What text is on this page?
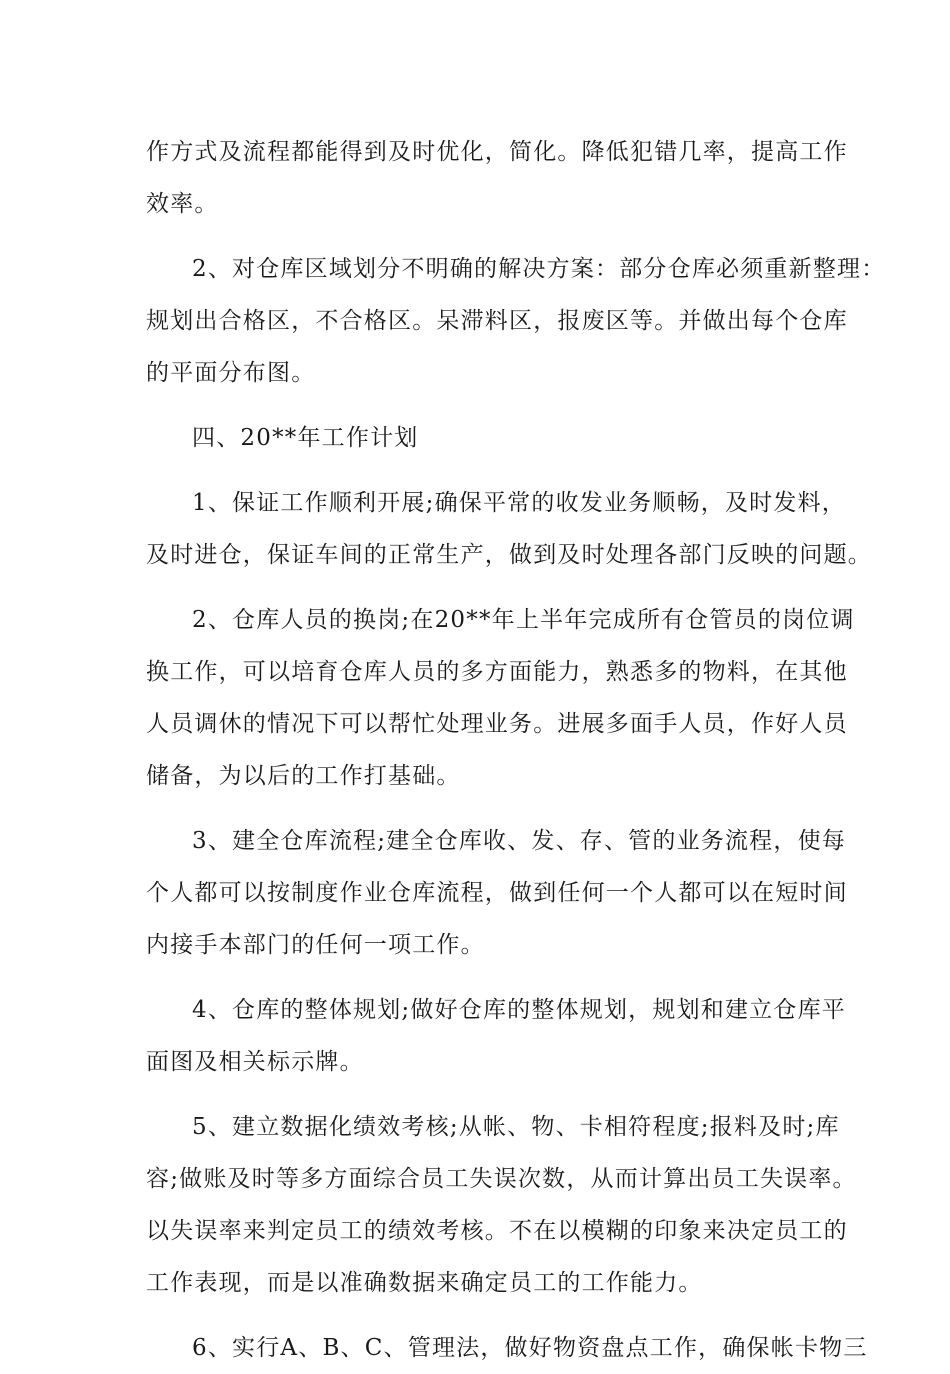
作方式及流程都能得到及时优化，简化。降低犯错几率，提高工作
效率。
2、对仓库区域划分不明确的解决方案：部分仓库必须重新整理：
规划出合格区，不合格区。呆滞料区，报废区等。并做出每个仓库
的平面分布图。
四、20**年工作计划
1、保证工作顺利开展;确保平常的收发业务顺畅，及时发料，
及时进仓，保证车间的正常生产，做到及时处理各部门反映的问题。
2、仓库人员的换岗;在20**年上半年完成所有仓管员的岗位调
换工作，可以培育仓库人员的多方面能力，熟悉多的物料，在其他
人员调休的情况下可以帮忙处理业务。进展多面手人员，作好人员
储备，为以后的工作打基础。
3、建全仓库流程;建全仓库收、发、存、管的业务流程，使每
个人都可以按制度作业仓库流程，做到任何一个人都可以在短时间
内接手本部门的任何一项工作。
4、仓库的整体规划;做好仓库的整体规划，规划和建立仓库平
面图及相关标示牌。
5、建立数据化绩效考核;从帐、物、卡相符程度;报料及时;库
容;做账及时等多方面综合员工失误次数，从而计算出员工失误率。
以失误率来判定员工的绩效考核。不在以模糊的印象来决定员工的
工作表现，而是以准确数据来确定员工的工作能力。
6、实行A、B、C、管理法，做好物资盘点工作，确保帐卡物三
